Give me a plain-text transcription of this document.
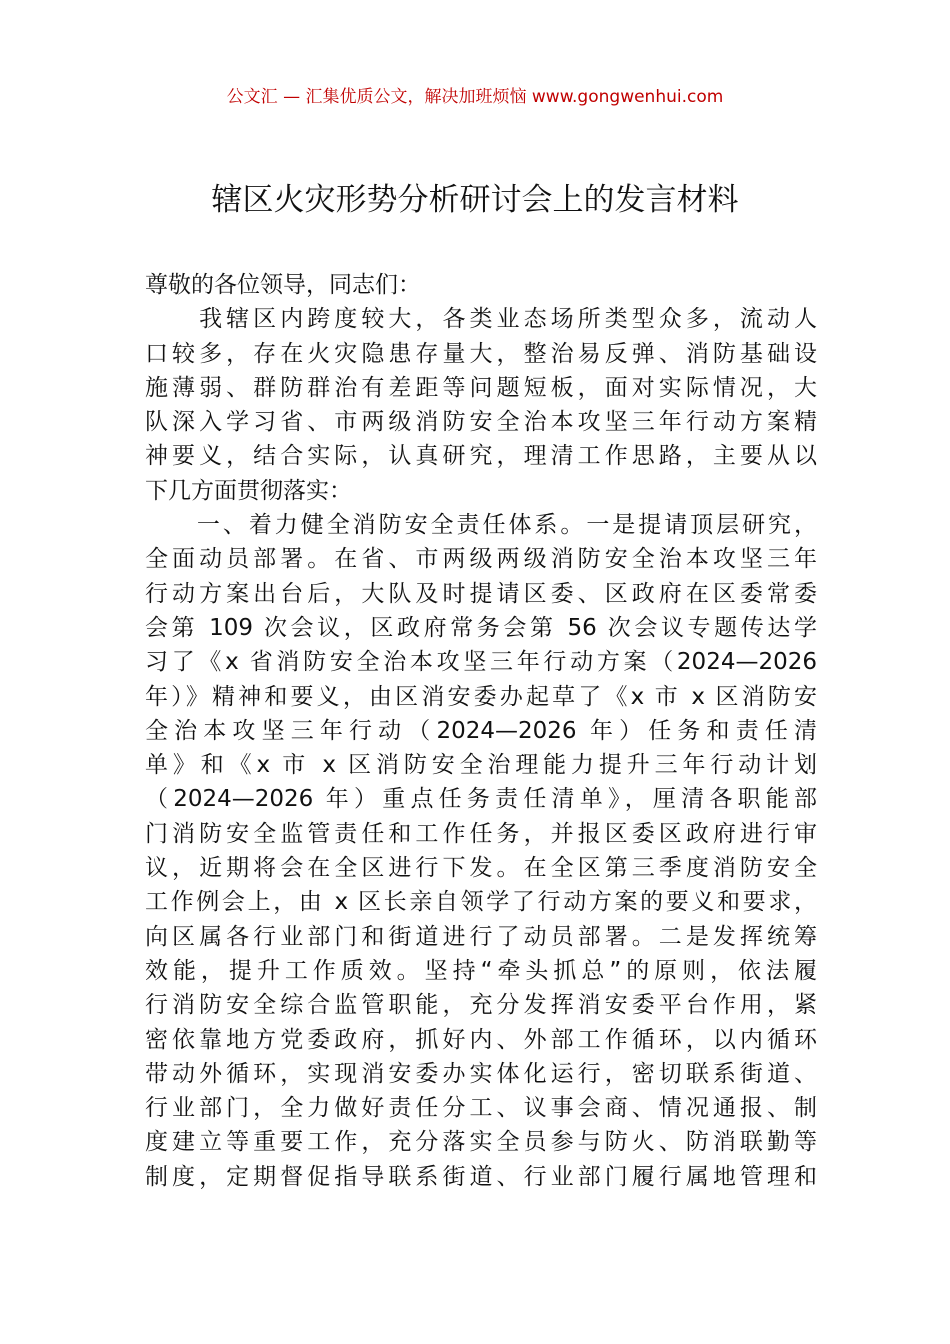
公文汇 — 汇集优质公文，解决加班烦恼 www.gongwenhui.com
辖区火灾形势分析研讨会上的发言材料
尊敬的各位领导，同志们：
　　我辖区内跨度较大，各类业态场所类型众多，流动人
口较多，存在火灾隐患存量大，整治易反弹、消防基础设
施薄弱、群防群治有差距等问题短板，面对实际情况，大
队深入学习省、市两级消防安全治本攻坚三年行动方案精
神要义，结合实际，认真研究，理清工作思路，主要从以
下几方面贯彻落实：
　　一、着力健全消防安全责任体系。一是提请顶层研究，
全面动员部署。在省、市两级两级消防安全治本攻坚三年
行动方案出台后，大队及时提请区委、区政府在区委常委
会第 109 次会议，区政府常务会第 56 次会议专题传达学
习了《x 省消防安全治本攻坚三年行动方案（2024—2026
年）》精神和要义，由区消安委办起草了《x 市 x 区消防安
全治本攻坚三年行动（2024—2026 年）任务和责任清
单》和《x 市 x 区消防安全治理能力提升三年行动计划
（2024—2026 年）重点任务责任清单》，厘清各职能部
门消防安全监管责任和工作任务，并报区委区政府进行审
议，近期将会在全区进行下发。在全区第三季度消防安全
工作例会上，由 x 区长亲自领学了行动方案的要义和要求，
向区属各行业部门和街道进行了动员部署。二是发挥统筹
效能，提升工作质效。坚持“牵头抓总”的原则，依法履
行消防安全综合监管职能，充分发挥消安委平台作用，紧
密依靠地方党委政府，抓好内、外部工作循环，以内循环
带动外循环，实现消安委办实体化运行，密切联系街道、
行业部门，全力做好责任分工、议事会商、情况通报、制
度建立等重要工作，充分落实全员参与防火、防消联勤等
制度，定期督促指导联系街道、行业部门履行属地管理和
